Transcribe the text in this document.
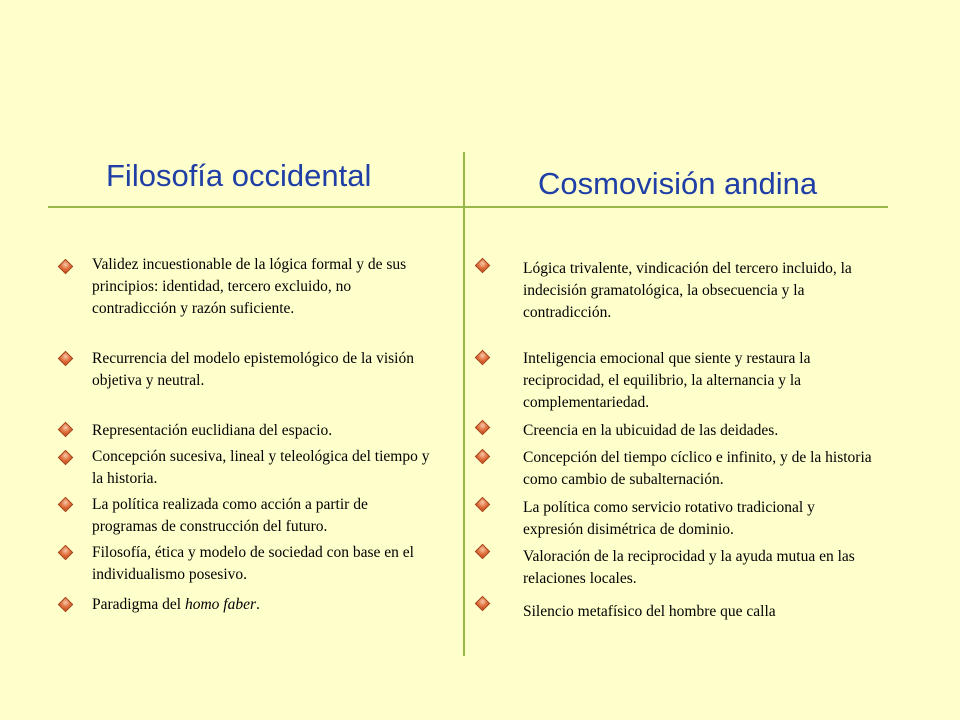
Filosofía occidental	Cosmovisión andina

Validez incuestionable de la lógica formal y de sus principios: identidad, tercero excluido, no contradicción y razón suficiente.

Recurrencia del modelo epistemológico de la visión objetiva y neutral.

Representación euclidiana del espacio.

Concepción sucesiva, lineal y teleológica del tiempo y la historia.

La política realizada como acción a partir de programas de construcción del futuro.

Filosofía, ética y modelo de sociedad con base en el individualismo posesivo.

Paradigma del homo faber.

Lógica trivalente, vindicación del tercero incluido, la indecisión gramatológica, la obsecuencia y la contradicción.

Inteligencia emocional que siente y restaura la reciprocidad, el equilibrio, la alternancia y la complementariedad.

Creencia en la ubicuidad de las deidades.

Concepción del tiempo cíclico e infinito, y de la historia como cambio de subalternación.

La política como servicio rotativo tradicional y expresión disimétrica de dominio.

Valoración de la reciprocidad y la ayuda mutua en las relaciones locales.

Silencio metafísico del hombre que calla
